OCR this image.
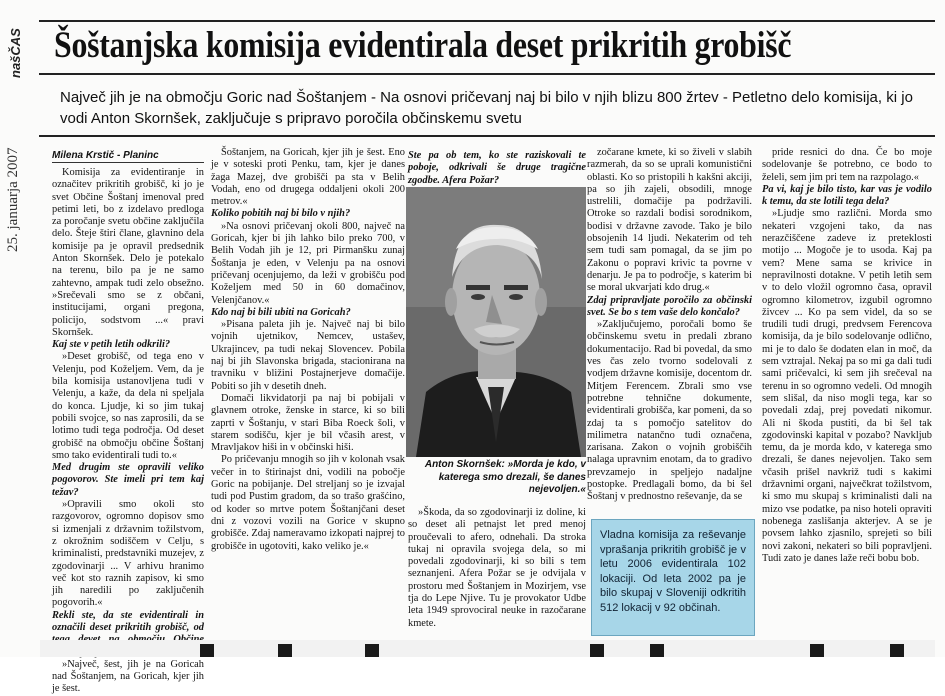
našČAS
25. januarja 2007
Šoštanjska komisija evidentirala deset prikritih grobišč
Največ jih je na območju Goric nad Šoštanjem - Na osnovi pričevanj naj bi bilo v njih blizu 800 žrtev - Petletno delo komisija, ki jo vodi Anton Skornšek, zaključuje s pripravo poročila občinskemu svetu
Milena Krstič - Planinc

Komisija za evidentiranje in označitev prikritih grobišč, ki jo je svet Občine Šoštanj imenoval pred petimi leti, bo z izdelavo predloga za poročanje svetu občine zaključila delo. Šteje štiri člane, glavnino dela komisije pa je opravil predsednik Anton Skornšek. Delo je potekalo na terenu, bilo pa je ne samo zahtevno, ampak tudi zelo obsežno. »Srečevali smo se z občani, institucijami, organi pregona, policijo, sodstvom ...« pravi Skornšek.

Kaj ste v petih letih odkrili?

»Deset grobišč, od tega eno v Velenju, pod Koželjem. Vem, da je bila komisija ustanovljena tudi v Velenju, a kaže, da dela ni speljala do konca. Ljudje, ki so jim tukaj pobili svojce, so nas zaprosili, da se lotimo tudi tega področja. Od deset grobišč na območju občine Šoštanj smo tako evidentirali tudi to.«

Med drugim ste opravili veliko pogovorov. Ste imeli pri tem kaj težav?

»Opravili smo okoli sto razgovorov, ogromno dopisov smo si izmenjali z državnim tožilstvom, z okrožnim sodiščem v Celju, s kriminalisti, predstavniki muzejev, z zgodovinarji ... V arhivu hranimo več kot sto raznih zapisov, ki smo jih naredili po zaključenih pogovorih.«

Rekli ste, da ste evidentirali in označili deset prikritih grobišč, od

»Največ, šest, jih je na Goricah nad Šoštanjem, na Goricah, kjer jih je šest.

Šoštanjem, na Goricah, kjer jih je šest. Eno je v soteski proti Penku, tam, kjer je danes žaga Mazej, dve grobišči pa sta v Belih Vodah, eno od drugega oddaljeni okoli 200 metrov.«

Koliko pobitih naj bi bilo v njih?

»Na osnovi pričevanj okoli 800, največ na Goricah, kjer bi jih lahko bilo preko 700, v Belih Vodah jih je 12, pri Pirmanšku zunaj Šoštanja je eden, v Velenju pa na osnovi pričevanj ocenjujemo, da leži v grobišču pod Koželjem med 50 in 60 domačinov, Velenjčanov.«

Kdo naj bi bili ubiti na Goricah?

»Pisana paleta jih je. Največ naj bi bilo vojnih ujetnikov, Nemcev, ustašev, Ukrajincev, pa tudi nekaj Slovencev. Pobila naj bi jih Slavonska brigada, stacionirana na travniku v bližini Postajnerjeve domačije. Pobiti so jih v desetih dneh.

Domači likvidatorji pa naj bi pobijali v glavnem otroke, ženske in starce, ki so bili zaprti v Šoštanju, v stari Biba Roeck šoli, v starem sodišču, kjer je bil včasih arest, v Mravljakov hiši in v občinski hiši.

Po pričevanju mnogih so jih v kolonah vsak večer in to štirinajst dni, vodili na pobočje Goric na pobijanje. Del streljanj so je izvajal tudi pod Pustim gradom, da so trašo grašćino, od koder so mrtve potem Šoštanjčani deset dni z vozovi vozili na Gorice v skupno grobišče. Zdaj nameravamo izkopati najprej to grobišče in ugotoviti, kako veliko je.«

Ste pa ob tem, ko ste raziskovali te poboje, odkrivali še druge tragične zgodbe. Afera Požar?
Anton Skornšek: »Morda je kdo, v katerega smo drezali, še danes nejevoljen.«

»Škoda, da so zgodovinarji iz doline, ki so deset ali petnajst let pred menoj proučevali to afero, odnehali. Da stroka tukaj ni opravila svojega dela, so mi povedali zgodovinarji, ki so bili s tem seznanjeni. Afera Požar se je odvijala v prostoru med Šoštanjem in Mozirjem, vse tja do Lepe Njive. Tu je provokator Udbe leta 1949 sprovociral neuke in razočarane kmete.

zočarane kmete, ki so živeli v slabih razmerah, da so se uprali komunistični oblasti. Ko so pristopili h kakšni akciji, pa so jih zajeli, obsodili, mnoge ustrelili, domačije pa podržavili. Otroke so razdali bodisi sorodnikom, bodisi v državne zavode. Tako je bilo obsojenih 14 ljudi. Nekaterim od teh sem tudi sam pomagal, da se jim po Zakonu o popravi krivic ta povrne v denarju. Je pa to področje, s katerim bi se moral ukvarjati kdo drug.«

Zdaj pripravljate poročilo za občinski svet. Se bo s tem vaše delo končalo?

»Zaključujemo, poročali bomo še občinskemu svetu in predali zbrano dokumentacijo. Rad bi povedal, da smo ves čas zelo tvorno sodelovali z vodjem državne komisije, docentom dr. Mitjem Ferencem. Zbrali smo vse potrebne tehnične dokumente, evidentirali grobišča, kar pomeni, da so zdaj ta s pomočjo satelitov do milimetra natančno tudi označena, zarisana. Zakon o vojnih grobiščih nalaga upravnim enotam, da to gradivo prevzamejo in speljejo nadaljne postopke. Predlagali bomo, da bi šel Šoštanj v prednostno reševanje, da se

Vladna komisija za reševanje vprašanja prikritih grobišč je v letu 2006 evidentirala 102 lokaciji. Od leta 2002 pa je bilo skupaj v Sloveniji odkritih 512 lokacij v 92 občinah.

pride resnici do dna. Če bo moje sodelovanje še potrebno, ce bodo to želeli, sem jim pri tem na razpolago.«

Pa vi, kaj je bilo tisto, kar vas je vodilo k temu, da ste lotili tega dela?

»Ljudje smo različni. Morda smo nekateri vzgojeni tako, da nas nerazčiščene zadeve iz preteklosti motijo ... Mogoče je to usoda. Kaj pa vem? Mene sama se krivice in nepravilnosti dotakne. V petih letih sem v to delo vložil ogromno časa, opravil ogromno kilometrov, izgubil ogromno živcev ... Ko pa sem videl, da so se trudili tudi drugi, predvsem Ferencova komisija, da je bilo sodelovanje odlično, mi je to dalo še dodaten elan in moč, da sem vztrajal. Nekaj pa so mi ga dali tudi sami pričevalci, ki sem jih srečeval na terenu in so ogromno vedeli. Od mnogih sem slišal, da niso mogli tega, kar so povedali zdaj, prej povedati nikomur. Ali ni škoda pustiti, da bi šel tak zgodovinski kapital v pozabo? Navkljub temu, da je morda kdo, v katerega smo drezali, še danes nejevoljen. Tako sem včasih prišel navkriž tudi s kakimi državnimi organi, največkrat tožilstvom, ki smo mu skupaj s kriminalisti dali na mizo vse podatke, pa niso hoteli opraviti nobenega zaslišanja akterjev. A se je povsem lahko zjasnilo, sprejeti so bili novi zakoni, nekateri so bili popravljeni. Tudi zato je danes laže reči bobu bob.
